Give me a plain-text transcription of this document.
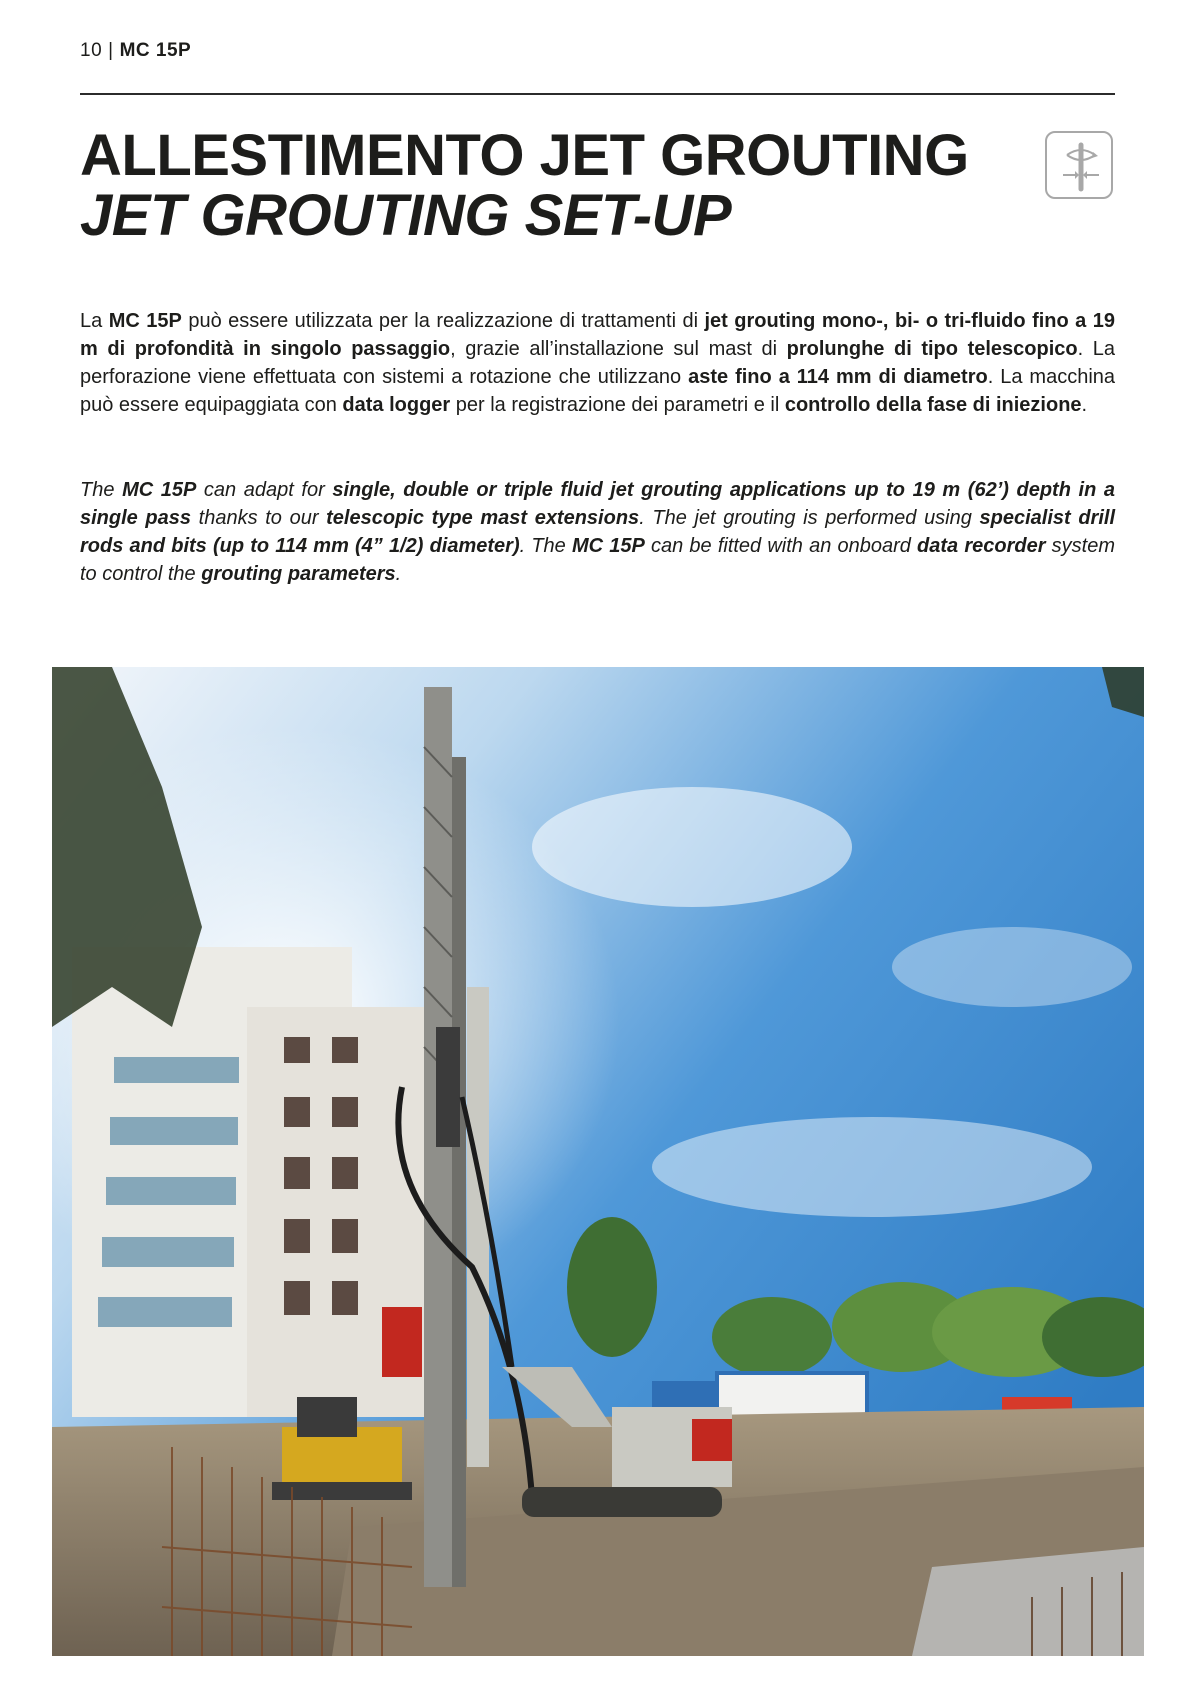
10 | MC 15P
ALLESTIMENTO JET GROUTING
JET GROUTING SET-UP

La MC 15P può essere utilizzata per la realizzazione di trattamenti di jet grouting mono-, bi- o tri-fluido fino a 19 m di profondità in singolo passaggio, grazie all’installazione sul mast di prolunghe di tipo telescopico. La perforazione viene effettuata con sistemi a rotazione che utilizzano aste fino a 114 mm di diametro. La macchina può essere equipaggiata con data logger per la registrazione dei parametri e il controllo della fase di iniezione.

The MC 15P can adapt for single, double or triple fluid jet grouting applications up to 19 m (62’) depth in a single pass thanks to our telescopic type mast extensions. The jet grouting is performed using specialist drill rods and bits (up to 114 mm (4” 1/2) diameter). The MC 15P can be fitted with an onboard data recorder system to control the grouting parameters.
